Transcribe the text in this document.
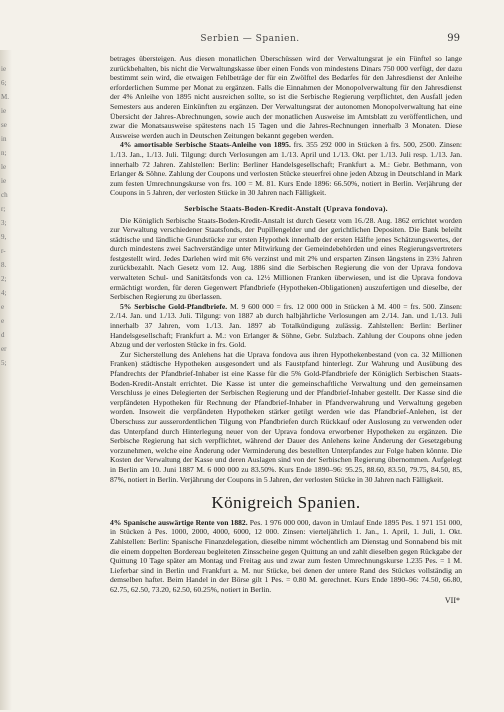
ie
6;
M.
ie
se
in
n;
le
ie
ch
r;
3;
9,
r-
8.
2;
4;
e
e
d
er
5;
Serbien — Spanien.	99

betrages übersteigen. Aus diesen monatlichen Überschüssen wird der Verwaltungsrat je ein Fünftel so lange zurückbehalten, bis nicht die Verwaltungskasse über einen Fonds von mindestens Dinars 750 000 verfügt, der dazu bestimmt sein wird, die etwaigen Fehlbeträge der für ein Zwölftel des Bedarfes für den Jahresdienst der Anleihe erforderlichen Summe per Monat zu ergänzen. Falls die Einnahmen der Monopolverwaltung für den Jahresdienst der 4% Anleihe von 1895 nicht ausreichen sollte, so ist die Serbische Regierung verpflichtet, den Ausfall jeden Semesters aus anderen Einkünften zu ergänzen. Der Verwaltungsrat der autonomen Monopolverwaltung hat eine Übersicht der Jahres-Abrechnungen, sowie auch der monatlichen Ausweise im Amtsblatt zu veröffentlichen, und zwar die Monatsausweise spätestens nach 15 Tagen und die Jahres-Rechnungen innerhalb 3 Monaten. Diese Ausweise werden auch in Deutschen Zeitungen bekannt gegeben werden.

4% amortisable Serbische Staats-Anleihe von 1895. frs. 355 292 000 in Stücken à frs. 500, 2500. Zinsen: 1./13. Jan., 1./13. Juli. Tilgung: durch Verlosungen am 1./13. April und 1./13. Okt. per 1./13. Juli resp. 1./13. Jan. innerhalb 72 Jahren. Zahlstellen: Berlin: Berliner Handelsgesellschaft; Frankfurt a. M.: Gebr. Bethmann, von Erlanger & Söhne. Zahlung der Coupons und verlosten Stücke steuerfrei ohne jeden Abzug in Deutschland in Mark zum festen Umrechnungskurse von frs. 100 = M. 81. Kurs Ende 1896: 66.50%, notiert in Berlin. Verjährung der Coupons in 5 Jahren, der verlosten Stücke in 30 Jahren nach Fälligkeit.

Serbische Staats-Boden-Kredit-Anstalt (Uprava fondova).

Die Königlich Serbische Staats-Boden-Kredit-Anstalt ist durch Gesetz vom 16./28. Aug. 1862 errichtet worden zur Verwaltung verschiedener Staatsfonds, der Pupillengelder und der gerichtlichen Depositen. Die Bank beleiht städtische und ländliche Grundstücke zur ersten Hypothek innerhalb der ersten Hälfte jenes Schätzungswertes, der durch mindestens zwei Sachverständige unter Mitwirkung der Gemeindebehörden und eines Regierungsvertreters festgestellt wird. Jedes Darlehen wird mit 6% verzinst und mit 2% und ersparten Zinsen längstens in 23½ Jahren zurückbezahlt. Nach Gesetz vom 12. Aug. 1886 sind die Serbischen Regierung die von der Uprava fondova verwalteten Schul- und Sanitätsfonds von ca. 12½ Millionen Franken überwiesen, und ist die Uprava fondova ermächtigt worden, für deren Gegenwert Pfandbriefe (Hypotheken-Obligationen) auszufertigen und dieselbe, der Serbischen Regierung zu überlassen.

5% Serbische Gold-Pfandbriefe. M. 9 600 000 = frs. 12 000 000 in Stücken à M. 400 = frs. 500. Zinsen: 2./14. Jan. und 1./13. Juli. Tilgung: von 1887 ab durch halbjährliche Verlosungen am 2./14. Jan. und 1./13. Juli innerhalb 37 Jahren, vom 1./13. Jan. 1897 ab Totalkündigung zulässig. Zahlstellen: Berlin: Berliner Handelsgesellschaft; Frankfurt a. M.: von Erlanger & Söhne, Gebr. Sulzbach. Zahlung der Coupons ohne jeden Abzug und der verlosten Stücke in frs. Gold.

Zur Sicherstellung des Anlehens hat die Uprava fondova aus ihren Hypothekenbestand (von ca. 32 Millionen Franken) städtische Hypotheken ausgesondert und als Faustpfand hinterlegt. Zur Wahrung und Ausübung des Pfandrechts der Pfandbrief-Inhaber ist eine Kasse für die 5% Gold-Pfandbriefe der Königlich Serbischen Staats-Boden-Kredit-Anstalt errichtet. Die Kasse ist unter die gemeinschaftliche Verwaltung und den gemeinsamen Verschluss je eines Delegierten der Serbischen Regierung und der Pfandbrief-Inhaber gestellt. Der Kasse sind die verpfändeten Hypotheken für Rechnung der Pfandbrief-Inhaber in Pfandverwahrung und Verwaltung gegeben worden. Insoweit die verpfändeten Hypotheken stärker getilgt werden wie das Pfandbrief-Anlehen, ist der Überschuss zur ausserordentlichen Tilgung von Pfandbriefen durch Rückkauf oder Auslosung zu verwenden oder das Unterpfand durch Hinterlegung neuer von der Uprava fondova erworbener Hypotheken zu ergänzen. Die Serbische Regierung hat sich verpflichtet, während der Dauer des Anlehens keine Änderung der Gesetzgebung vorzunehmen, welche eine Änderung oder Verminderung des bestellten Unterpfandes zur Folge haben könnte. Die Kosten der Verwaltung der Kasse und deren Auslagen sind von der Serbischen Regierung übernommen. Aufgelegt in Berlin am 10. Juni 1887 M. 6 000 000 zu 83.50%. Kurs Ende 1890–96: 95.25, 88.60, 83.50, 79.75, 84.50, 85, 87%, notiert in Berlin. Verjährung der Coupons in 5 Jahren, der verlosten Stücke in 30 Jahren nach Fälligkeit.

Königreich Spanien.

4% Spanische auswärtige Rente von 1882. Pes. 1 976 000 000, davon in Umlauf Ende 1895 Pes. 1 971 151 000, in Stücken à Pes. 1000, 2000, 4000, 6000, 12 000. Zinsen: vierteljährlich 1. Jan., 1. April, 1. Juli, 1. Okt. Zahlstellen: Berlin: Spanische Finanzdelegation, dieselbe nimmt wöchentlich am Dienstag und Sonnabend bis mit die einem doppelten Bordereau begleiteten Zinsscheine gegen Quittung an und zahlt dieselben gegen Rückgabe der Quittung 10 Tage später am Montag und Freitag aus und zwar zum festen Umrechnungskurse 1.235 Pes. = 1 M. Lieferbar sind in Berlin und Frankfurt a. M. nur Stücke, bei denen der untere Rand des Stückes vollständig an demselben haftet. Beim Handel in der Börse gilt 1 Pes. = 0.80 M. gerechnet. Kurs Ende 1890–96: 74.50, 66.80, 62.75, 62.50, 73.20, 62.50, 60.25%, notiert in Berlin.

VII*
